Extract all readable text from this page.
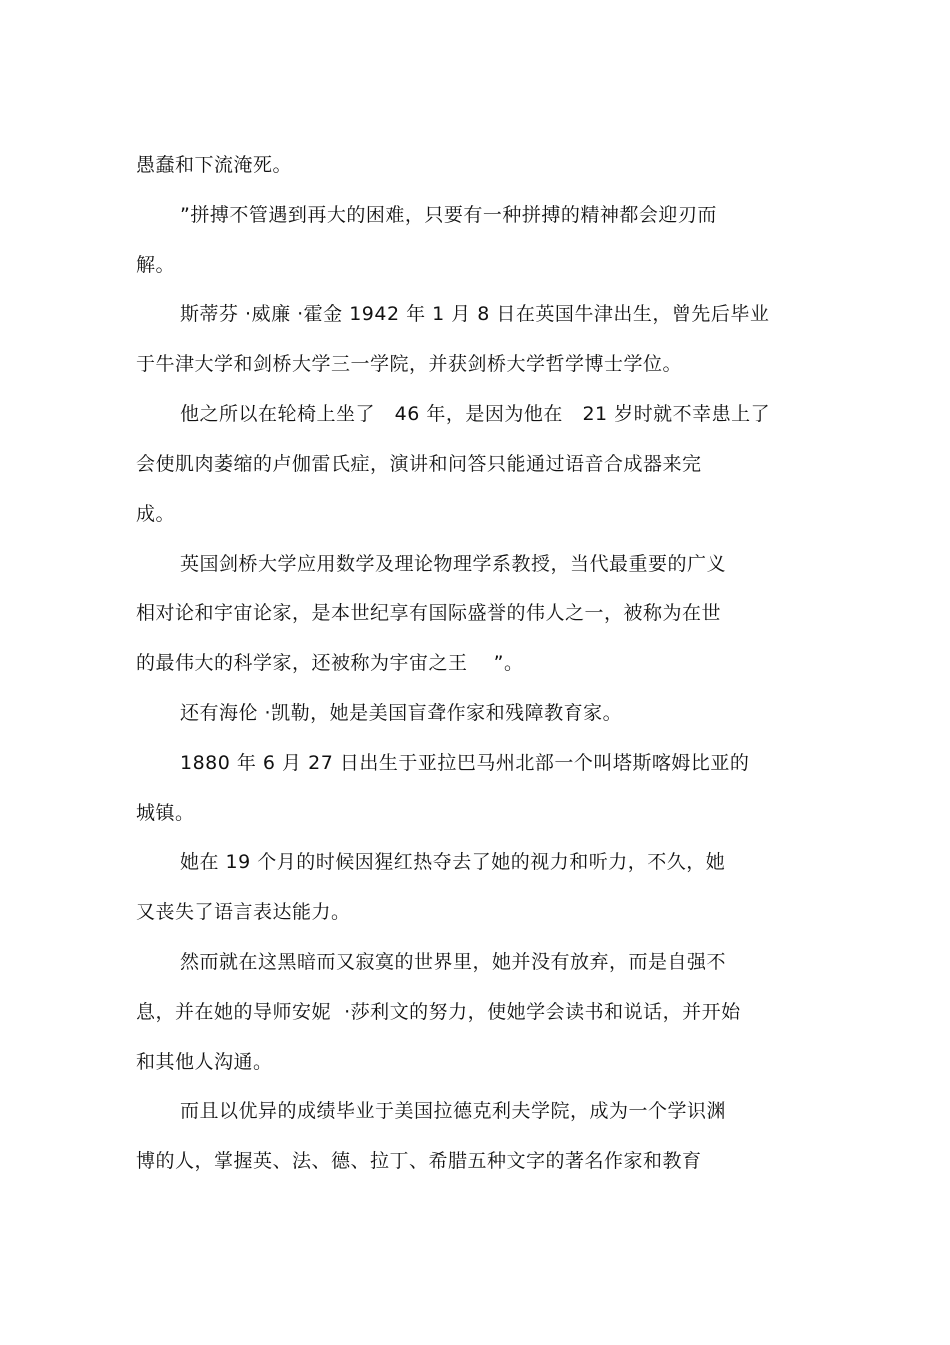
愚蠢和下流淹死。
”拼搏不管遇到再大的困难，只要有一种拼搏的精神都会迎刃而
解。
斯蒂芬 ·威廉 ·霍金 1942 年 1 月 8 日在英国牛津出生，曾先后毕业
于牛津大学和剑桥大学三一学院，并获剑桥大学哲学博士学位。
他之所以在轮椅上坐了   46 年，是因为他在   21 岁时就不幸患上了
会使肌肉萎缩的卢伽雷氏症，演讲和问答只能通过语音合成器来完
成。
英国剑桥大学应用数学及理论物理学系教授，当代最重要的广义
相对论和宇宙论家，是本世纪享有国际盛誉的伟人之一，被称为在世
的最伟大的科学家，还被称为宇宙之王    ”。
还有海伦 ·凯勒，她是美国盲聋作家和残障教育家。
1880 年 6 月 27 日出生于亚拉巴马州北部一个叫塔斯喀姆比亚的
城镇。
她在 19 个月的时候因猩红热夺去了她的视力和听力，不久，她
又丧失了语言表达能力。
然而就在这黑暗而又寂寞的世界里，她并没有放弃，而是自强不
息，并在她的导师安妮  ·莎利文的努力，使她学会读书和说话，并开始
和其他人沟通。
而且以优异的成绩毕业于美国拉德克利夫学院，成为一个学识渊
博的人，掌握英、法、德、拉丁、希腊五种文字的著名作家和教育
